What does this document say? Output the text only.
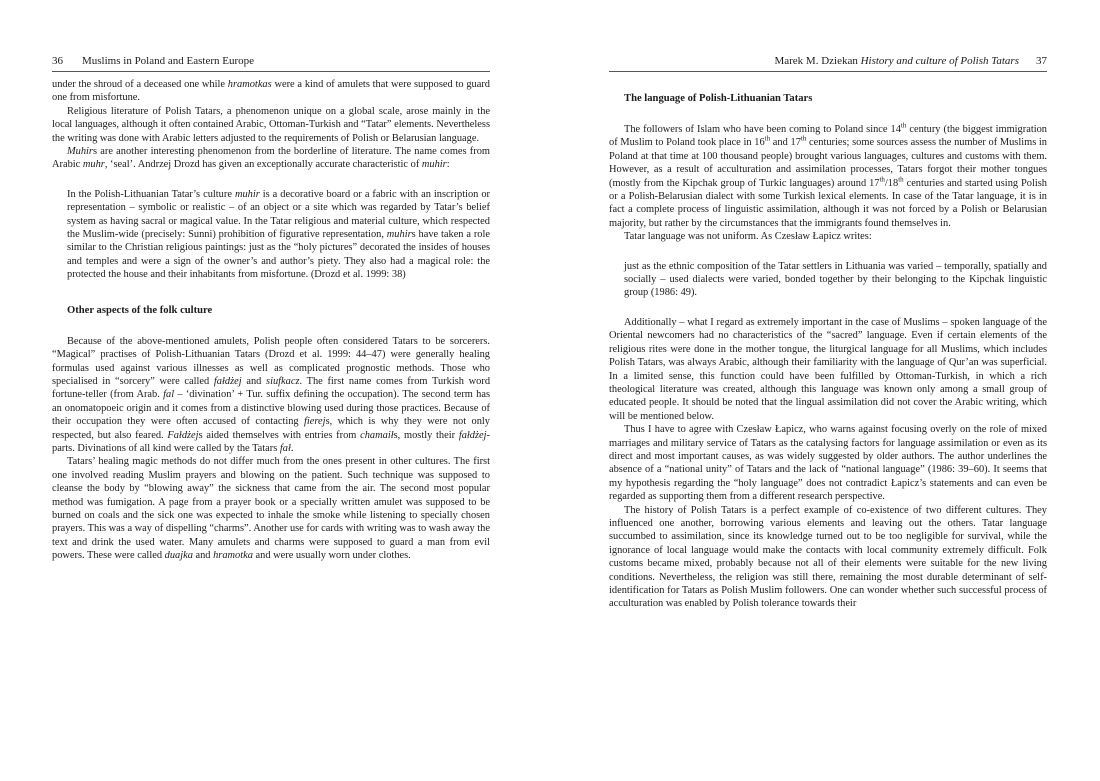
36	Muslims in Poland and Eastern Europe

under the shroud of a deceased one while hramotkas were a kind of amulets that were supposed to guard one from misfortune.

Religious literature of Polish Tatars, a phenomenon unique on a global scale, arose mainly in the local languages, although it often contained Arabic, Ottoman-Turkish and “Tatar” elements. Nevertheless the writing was done with Arabic letters adjusted to the requirements of Polish or Belarusian language.

Muhirs are another interesting phenomenon from the borderline of literature. The name comes from Arabic muhr, ‘seal’. Andrzej Drozd has given an exceptionally accurate characteristic of muhir:

In the Polish-Lithuanian Tatar’s culture muhir is a decorative board or a fabric with an inscription or representation – symbolic or realistic – of an object or a site which was regarded by Tatar’s belief system as having sacral or magical value. In the Tatar religious and material culture, which respected the Muslim-wide (precisely: Sunni) prohibition of figurative representation, muhirs have taken a role similar to the Christian religious paintings: just as the “holy pictures” decorated the insides of houses and temples and were a sign of the owner’s and author’s piety. They also had a magical role: the protected the house and their inhabitants from misfortune. (Drozd et al. 1999: 38)

Other aspects of the folk culture

Because of the above-mentioned amulets, Polish people often considered Tatars to be sorcerers. “Magical” practises of Polish-Lithuanian Tatars (Drozd et al. 1999: 44–47) were generally healing formulas used against various illnesses as well as complicated prognostic methods. Those who specialised in “sorcery” were called fałdżej and siufkacz. The first name comes from Turkish word fortune-teller (from Arab. fal – ‘divination’ + Tur. suffix defining the occupation). The second term has an onomatopoeic origin and it comes from a distinctive blowing used during those practices. Because of their occupation they were often accused of contacting fierejs, which is why they were not only respected, but also feared. Fałdżejs aided themselves with entries from chamaiłs, mostly their fałdżej-parts. Divinations of all kind were called by the Tatars fał.

Tatars’ healing magic methods do not differ much from the ones present in other cultures. The first one involved reading Muslim prayers and blowing on the patient. Such technique was supposed to cleanse the body by “blowing away” the sickness that came from the air. The second most popular method was fumigation. A page from a prayer book or a specially written amulet was supposed to be burned on coals and the sick one was expected to inhale the smoke while listening to specially chosen prayers. This was a way of dispelling “charms”. Another use for cards with writing was to wash away the text and drink the used water. Many amulets and charms were supposed to guard a man from evil powers. These were called duajka and hramotka and were usually worn under clothes.

Marek M. Dziekan
History and culture of Polish Tatars	37
The language of Polish-Lithuanian Tatars

The followers of Islam who have been coming to Poland since 14th century (the biggest immigration of Muslim to Poland took place in 16th and 17th centuries; some sources assess the number of Muslims in Poland at that time at 100 thousand people) brought various languages, cultures and customs with them. However, as a result of acculturation and assimilation processes, Tatars forgot their mother tongues (mostly from the Kipchak group of Turkic languages) around 17th/18th centuries and started using Polish or a Polish-Belarusian dialect with some Turkish lexical elements. In case of the Tatar language, it is in fact a complete process of linguistic assimilation, although it was not forced by a Polish or Belarusian majority, but rather by the circumstances that the immigrants found themselves in.

Tatar language was not uniform. As Czesław Łapicz writes:

just as the ethnic composition of the Tatar settlers in Lithuania was varied – temporally, spatially and socially – used dialects were varied, bonded together by their belonging to the Kipchak linguistic group (1986: 49).

Additionally – what I regard as extremely important in the case of Muslims – spoken language of the Oriental newcomers had no characteristics of the “sacred” language. Even if certain elements of the religious rites were done in the mother tongue, the liturgical language for all Muslims, which includes Polish Tatars, was always Arabic, although their familiarity with the language of Qur’an was superficial. In a limited sense, this function could have been fulfilled by Ottoman-Turkish, in which a rich theological literature was created, although this language was known only among a small group of educated people. It should be noted that the lingual assimilation did not cover the Arabic writing, which will be mentioned below.

Thus I have to agree with Czesław Łapicz, who warns against focusing overly on the role of mixed marriages and military service of Tatars as the catalysing factors for language assimilation or even as its direct and most important causes, as was widely suggested by older authors. The author underlines the absence of a “national unity” of Tatars and the lack of “national language” (1986: 39–60). It seems that my hypothesis regarding the “holy language” does not contradict Łapicz’s statements and can even be regarded as supporting them from a different research perspective.

The history of Polish Tatars is a perfect example of co-existence of two different cultures. They influenced one another, borrowing various elements and leaving out the others. Tatar language succumbed to assimilation, since its knowledge turned out to be too negligible for survival, while the ignorance of local language would make the contacts with local community extremely difficult. Folk customs became mixed, probably because not all of their elements were suitable for the new living conditions. Nevertheless, the religion was still there, remaining the most durable determinant of self-identification for Tatars as Polish Muslim followers. One can wonder whether such successful process of acculturation was enabled by Polish tolerance towards their
